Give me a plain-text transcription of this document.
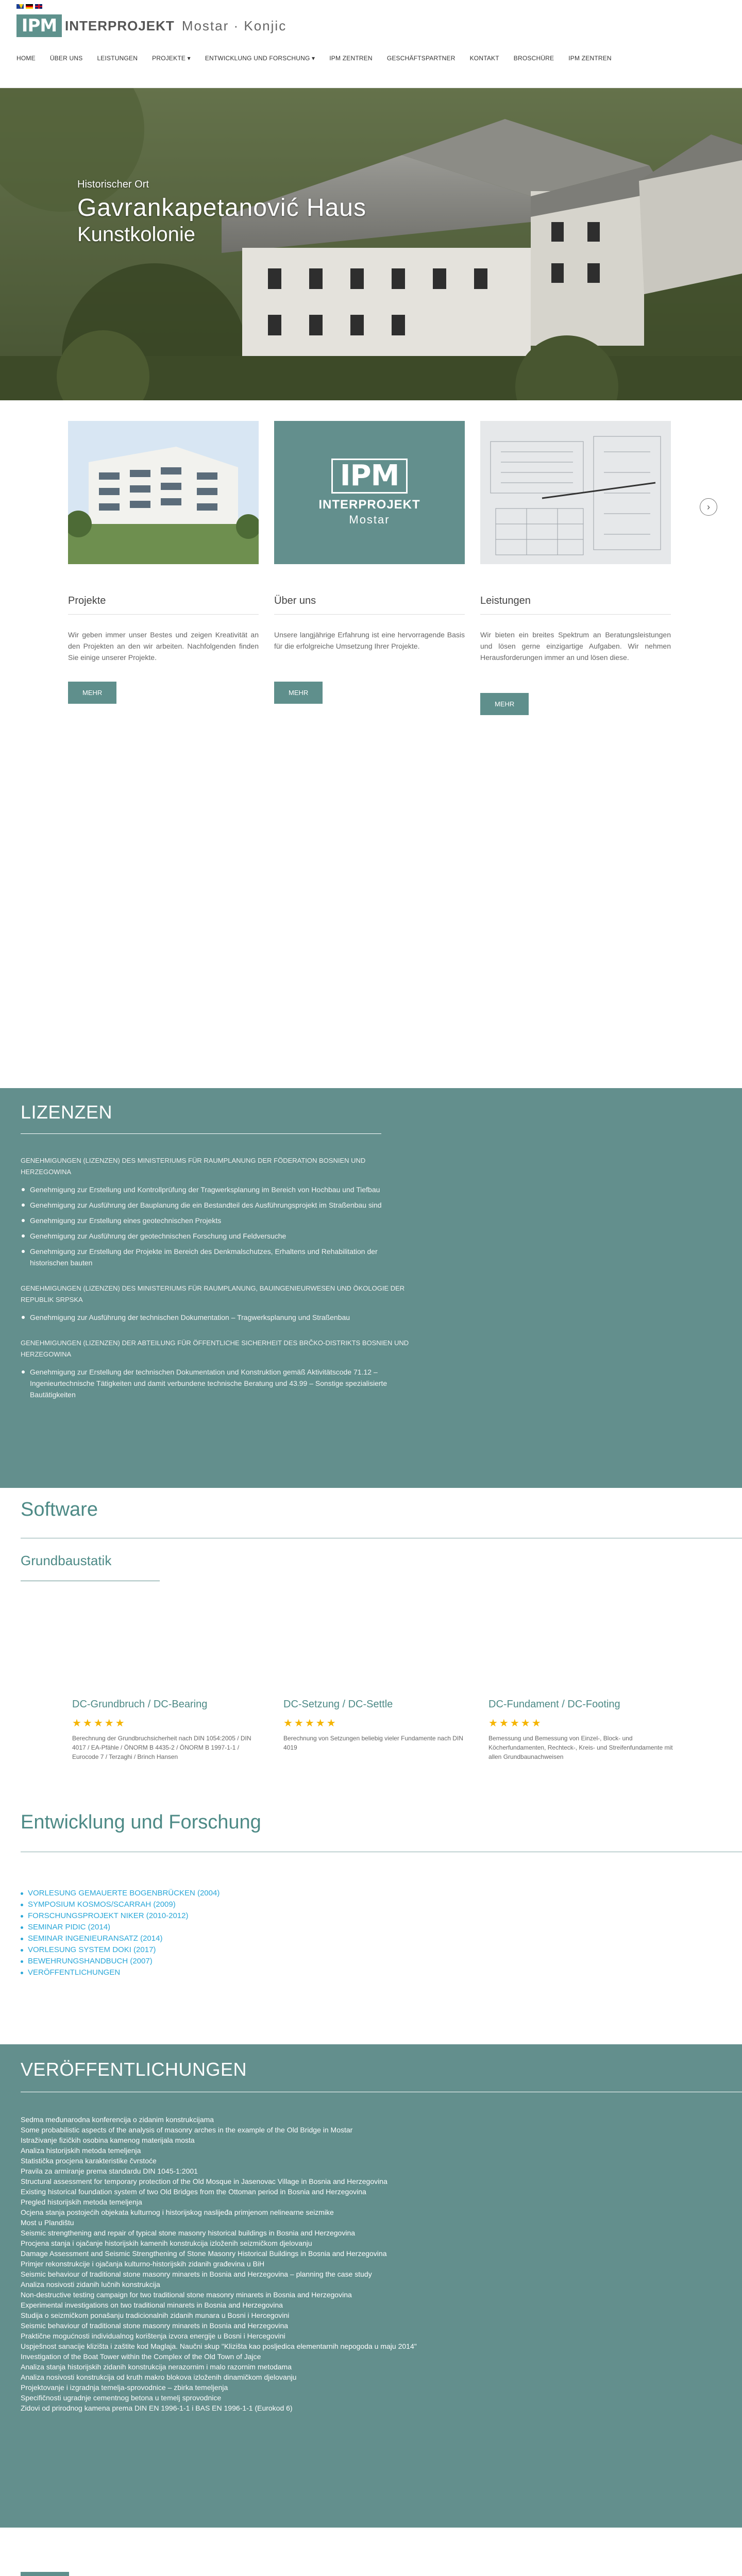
IPM INTERPROJEKT Mostar · Konjic
HOME	ÜBER UNS	LEISTUNGEN	PROJEKTE ▾	ENTWICKLUNG UND FORSCHUNG ▾	IPM ZENTREN	GESCHÄFTSPARTNER	KONTAKT	BROSCHÜRE	IPM ZENTREN
Historischer Ort
Gavrankapetanović Haus
Kunstkolonie
IPM
INTERPROJEKT
Mostar
›
Projekte
Wir geben immer unser Bestes und zeigen Kreativität an den Projekten an den wir arbeiten. Nachfolgenden finden Sie einige unserer Projekte.
MEHR
Über uns
Unsere langjährige Erfahrung ist eine hervorragende Basis für die erfolgreiche Umsetzung Ihrer Projekte.
MEHR
Leistungen
Wir bieten ein breites Spektrum an Beratungsleistungen und lösen gerne einzigartige Aufgaben. Wir nehmen Herausforderungen immer an und lösen diese.
MEHR
LIZENZEN
GENEHMIGUNGEN (LIZENZEN) DES MINISTERIUMS FÜR RAUMPLANUNG DER FÖDERATION BOSNIEN UND HERZEGOWINA
Genehmigung zur Erstellung und Kontrollprüfung der Tragwerksplanung im Bereich von Hochbau und Tiefbau
Genehmigung zur Ausführung der Bauplanung die ein Bestandteil des Ausführungsprojekt im Straßenbau sind
Genehmigung zur Erstellung eines geotechnischen Projekts
Genehmigung zur Ausführung der geotechnischen Forschung und Feldversuche
Genehmigung zur Erstellung der Projekte im Bereich des Denkmalschutzes, Erhaltens und Rehabilitation der historischen bauten
GENEHMIGUNGEN (LIZENZEN) DES MINISTERIUMS FÜR RAUMPLANUNG, BAUINGENIEURWESEN UND ÖKOLOGIE DER REPUBLIK SRPSKA
Genehmigung zur Ausführung der technischen Dokumentation – Tragwerksplanung und Straßenbau
GENEHMIGUNGEN (LIZENZEN) DER ABTEILUNG FÜR ÖFFENTLICHE SICHERHEIT DES BRČKO-DISTRIKTS BOSNIEN UND HERZEGOWINA
Genehmigung zur Erstellung der technischen Dokumentation und Konstruktion gemäß Aktivitätscode 71.12 – Ingenieurtechnische Tätigkeiten und damit verbundene technische Beratung und 43.99 – Sonstige spezialisierte Bautätigkeiten
Software
Grundbaustatik
DC-Grundbruch / DC-Bearing
★★★★★
Berechnung der Grundbruchsicherheit nach DIN 1054:2005 / DIN 4017 / EA-Pfähle / ÖNORM B 4435-2 / ÖNORM B 1997-1-1 / Eurocode 7 / Terzaghi / Brinch Hansen
DC-Setzung / DC-Settle
★★★★★
Berechnung von Setzungen beliebig vieler Fundamente nach DIN 4019
DC-Fundament / DC-Footing
★★★★★
Bemessung und Bemessung von Einzel-, Block- und Köcherfundamenten, Rechteck-, Kreis- und Streifenfundamente mit allen Grundbaunachweisen
Entwicklung und Forschung
VORLESUNG GEMAUERTE BOGENBRÜCKEN (2004)
SYMPOSIUM KOSMOS/SCARRAH (2009)
FORSCHUNGSPROJEKT NIKER (2010-2012)
SEMINAR PIDIC (2014)
SEMINAR INGENIEURANSATZ (2014)
VORLESUNG SYSTEM DOKI (2017)
BEWEHRUNGSHANDBUCH (2007)
VERÖFFENTLICHUNGEN
VERÖFFENTLICHUNGEN
Sedma međunarodna konferencija o zidanim konstrukcijama
Some probabilistic aspects of the analysis of masonry arches in the example of the Old Bridge in Mostar
Istraživanje fizičkih osobina kamenog materijala mosta
Analiza historijskih metoda temeljenja
Statistička procjena karakteristike čvrstoće
Pravila za armiranje prema standardu DIN 1045-1:2001
Structural assessment for temporary protection of the Old Mosque in Jasenovac Village in Bosnia and Herzegovina
Existing historical foundation system of two Old Bridges from the Ottoman period in Bosnia and Herzegovina
Pregled historijskih metoda temeljenja
Ocjena stanja postojećih objekata kulturnog i historijskog naslijeđa primjenom nelinearne seizmike
Most u Plandištu
Seismic strengthening and repair of typical stone masonry historical buildings in Bosnia and Herzegovina
Procjena stanja i ojačanje historijskih kamenih konstrukcija izloženih seizmičkom djelovanju
Damage Assessment and Seismic Strengthening of Stone Masonry Historical Buildings in Bosnia and Herzegovina
Primjer rekonstrukcije i ojačanja kulturno-historijskih zidanih građevina u BiH
Seismic behaviour of traditional stone masonry minarets in Bosnia and Herzegovina – planning the case study
Analiza nosivosti zidanih lučnih konstrukcija
Non-destructive testing campaign for two traditional stone masonry minarets in Bosnia and Herzegovina
Experimental investigations on two traditional minarets in Bosnia and Herzegovina
Studija o seizmičkom ponašanju tradicionalnih zidanih munara u Bosni i Hercegovini
Seismic behaviour of traditional stone masonry minarets in Bosnia and Herzegovina
Praktične mogućnosti individualnog korištenja izvora energije u Bosni i Hercegovini
Uspješnost sanacije klizišta i zaštite kod Maglaja. Naučni skup "Klizišta kao posljedica elementarnih nepogoda u maju 2014"
Investigation of the Boat Tower within the Complex of the Old Town of Jajce
Analiza stanja historijskih zidanih konstrukcija nerazornim i malo razornim metodama
Analiza nosivosti konstrukcija od kruth makro blokova izloženih dinamičkom djelovanju
Projektovanje i izgradnja temelja-sprovodnice – zbirka temeljenja
Specifičnosti ugradnje cementnog betona u temelj sprovodnice
Zidovi od prirodnog kamena prema DIN EN 1996-1-1 i BAS EN 1996-1-1 (Eurokod 6)
